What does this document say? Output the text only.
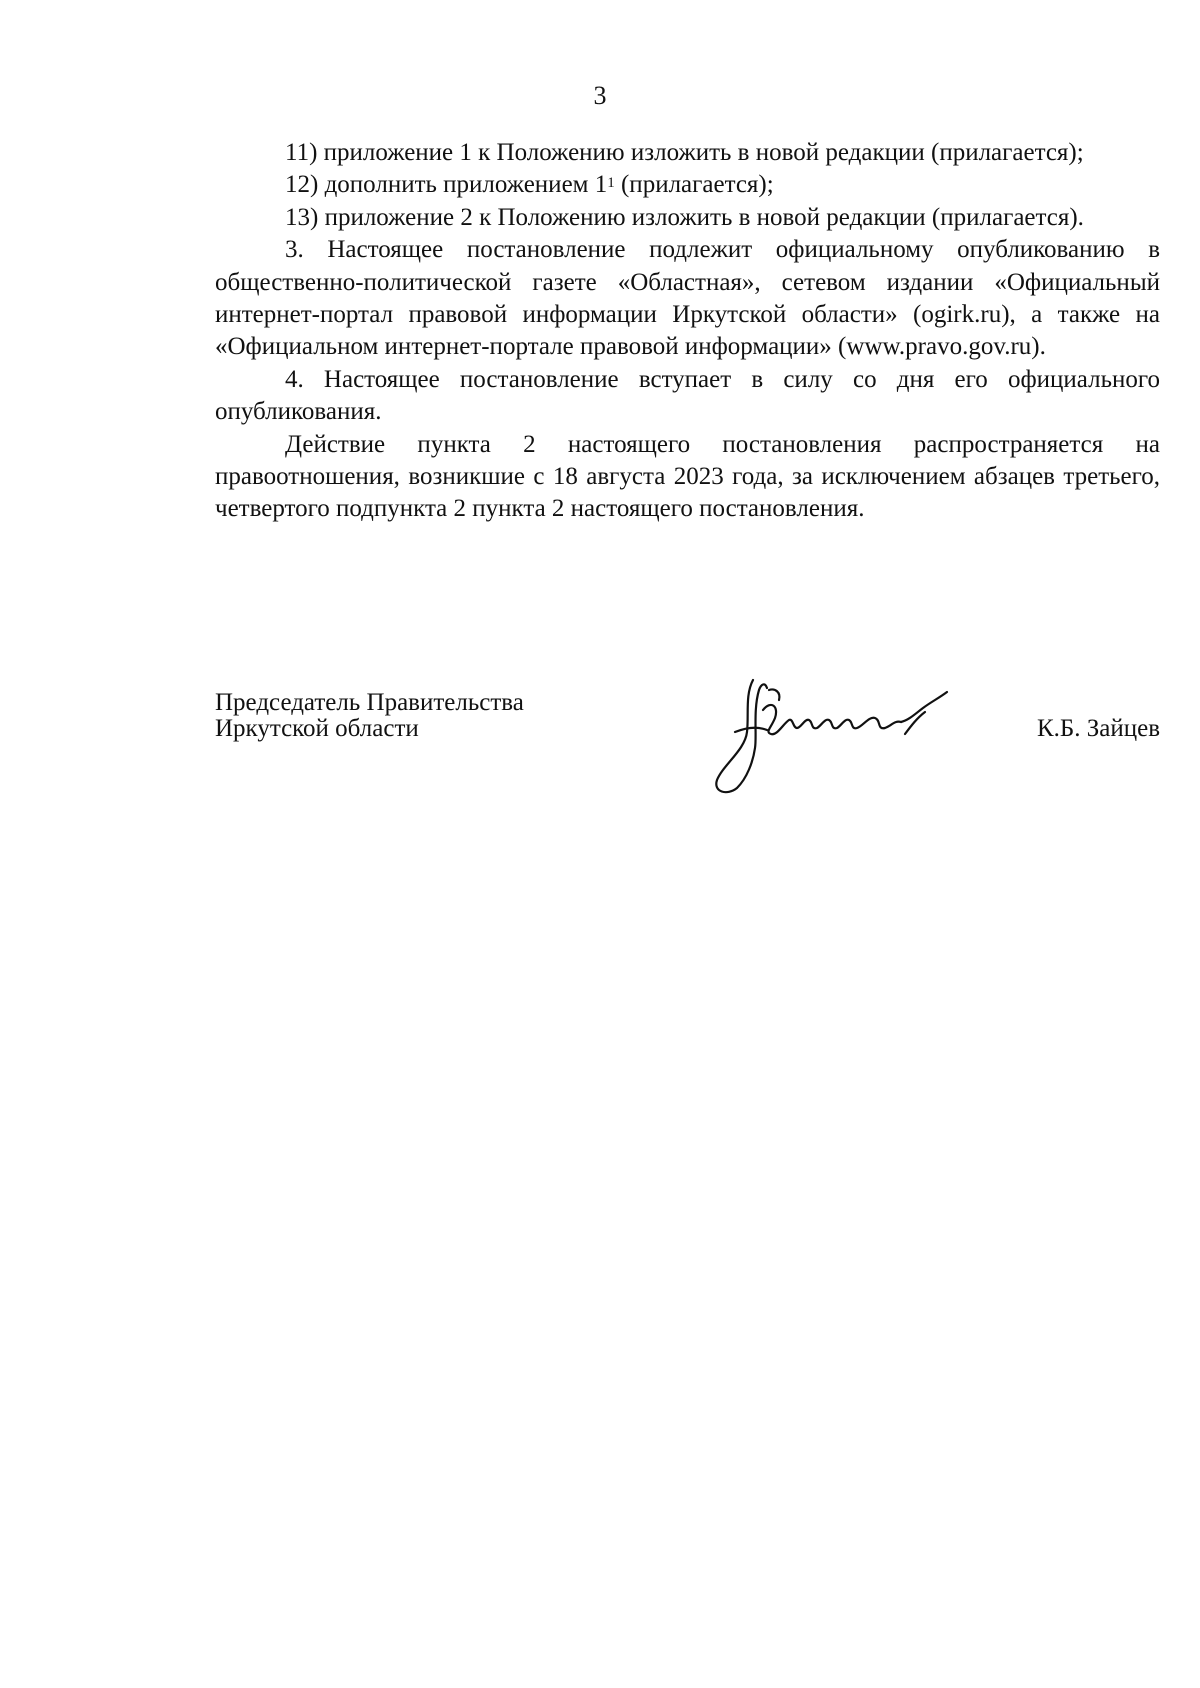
3

11) приложение 1 к Положению изложить в новой редакции (прилагается);

12) дополнить приложением $1^1$ (прилагается);

13) приложение 2 к Положению изложить в новой редакции (прилагается).

3. Настоящее постановление подлежит официальному опубликованию в общественно-политической газете «Областная», сетевом издании «Официальный интернет-портал правовой информации Иркутской области» (ogirk.ru), а также на «Официальном интернет-портале правовой информации» (www.pravo.gov.ru).

4. Настоящее постановление вступает в силу со дня его официального опубликования.

Действие пункта 2 настоящего постановления распространяется на правоотношения, возникшие с 18 августа 2023 года, за исключением абзацев третьего, четвертого подпункта 2 пункта 2 настоящего постановления.

Председатель Правительства
Иркутской области	К.Б. Зайцев
